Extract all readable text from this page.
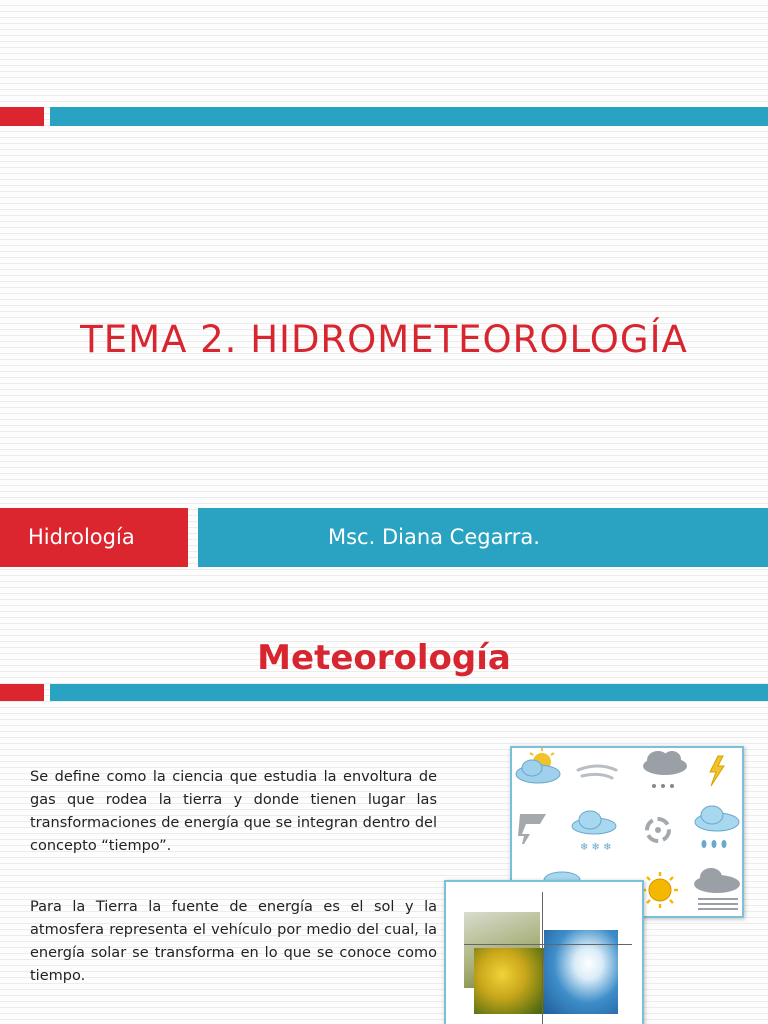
TEMA 2. HIDROMETEOROLOGÍA
Hidrología	Msc. Diana Cegarra.
Meteorología

Se define como la ciencia que estudia la envoltura de gas que rodea la tierra y donde tienen lugar las transformaciones de energía que se integran dentro del concepto “tiempo”.

Para la Tierra la fuente de energía es el sol y la atmosfera representa el vehículo por medio del cual, la energía solar se transforma en lo que se conoce como tiempo.

❄ ❄ ❄
